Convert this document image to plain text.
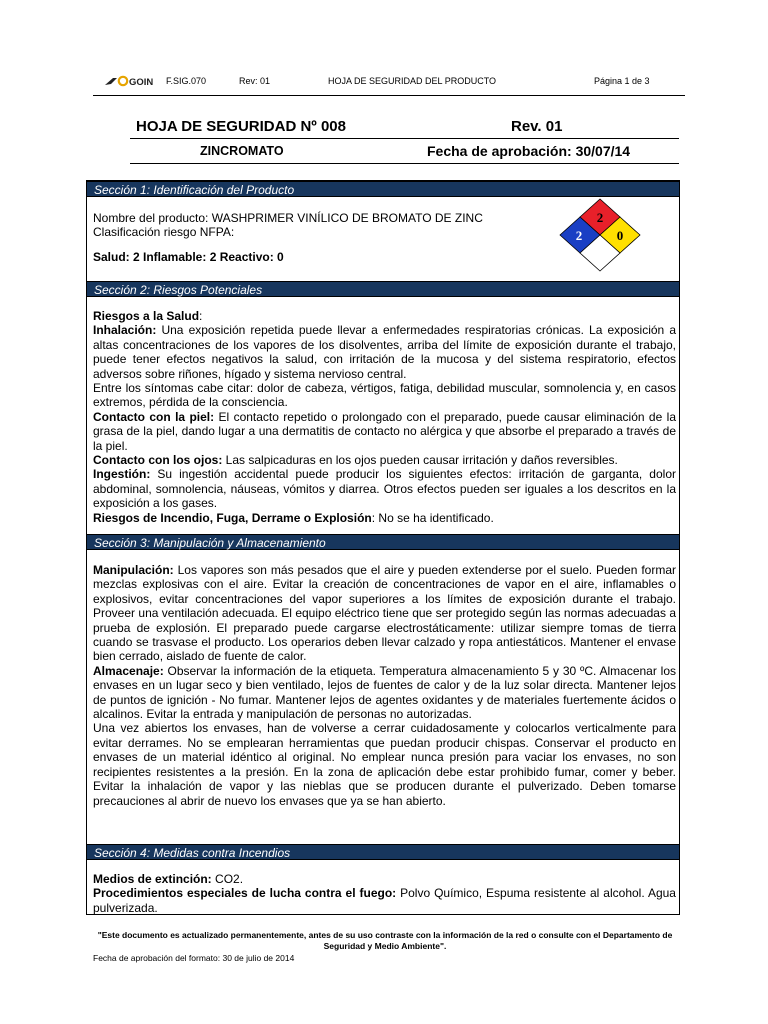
GOIN F.SIG.070	Rev: 01	HOJA DE SEGURIDAD DEL PRODUCTO	Página 1 de 3
HOJA DE SEGURIDAD Nº 008	Rev. 01
ZINCROMATO	Fecha de aprobación: 30/07/14
Sección 1: Identificación del Producto

Nombre del producto: WASHPRIMER VINÍLICO DE BROMATO DE ZINC

Clasificación riesgo NFPA:

Salud: 2 Inflamable: 2 Reactivo: 0

Sección 2: Riesgos Potenciales

Riesgos a la Salud:

Inhalación: Una exposición repetida puede llevar a enfermedades respiratorias crónicas. La exposición a altas concentraciones de los vapores de los disolventes, arriba del límite de exposición durante el trabajo, puede tener efectos negativos la salud, con irritación de la mucosa y del sistema respiratorio, efectos adversos sobre riñones, hígado y sistema nervioso central.

Entre los síntomas cabe citar: dolor de cabeza, vértigos, fatiga, debilidad muscular, somnolencia y, en casos extremos, pérdida de la consciencia.

Contacto con la piel: El contacto repetido o prolongado con el preparado, puede causar eliminación de la grasa de la piel, dando lugar a una dermatitis de contacto no alérgica y que absorbe el preparado a través de la piel.

Contacto con los ojos: Las salpicaduras en los ojos pueden causar irritación y daños reversibles.

Ingestión: Su ingestión accidental puede producir los siguientes efectos: irritación de garganta, dolor abdominal, somnolencia, náuseas, vómitos y diarrea. Otros efectos pueden ser iguales a los descritos en la exposición a los gases.

Riesgos de Incendio, Fuga, Derrame o Explosión: No se ha identificado.

Sección 3: Manipulación y Almacenamiento

Manipulación: Los vapores son más pesados que el aire y pueden extenderse por el suelo. Pueden formar mezclas explosivas con el aire. Evitar la creación de concentraciones de vapor en el aire, inflamables o explosivos, evitar concentraciones del vapor superiores a los límites de exposición durante el trabajo. Proveer una ventilación adecuada. El equipo eléctrico tiene que ser protegido según las normas adecuadas a prueba de explosión. El preparado puede cargarse electrostáticamente: utilizar siempre tomas de tierra cuando se trasvase el producto. Los operarios deben llevar calzado y ropa antiestáticos. Mantener el envase bien cerrado, aislado de fuente de calor.

Almacenaje: Observar la información de la etiqueta. Temperatura almacenamiento 5 y 30 ºC. Almacenar los envases en un lugar seco y bien ventilado, lejos de fuentes de calor y de la luz solar directa. Mantener lejos de puntos de ignición - No fumar. Mantener lejos de agentes oxidantes y de materiales fuertemente ácidos o alcalinos. Evitar la entrada y manipulación de personas no autorizadas.

Una vez abiertos los envases, han de volverse a cerrar cuidadosamente y colocarlos verticalmente para evitar derrames. No se emplearan herramientas que puedan producir chispas. Conservar el producto en envases de un material idéntico al original. No emplear nunca presión para vaciar los envases, no son recipientes resistentes a la presión. En la zona de aplicación debe estar prohibido fumar, comer y beber. Evitar la inhalación de vapor y las nieblas que se producen durante el pulverizado. Deben tomarse precauciones al abrir de nuevo los envases que ya se han abierto.

Sección 4: Medidas contra Incendios

Medios de extinción: CO2.

Procedimientos especiales de lucha contra el fuego: Polvo Químico, Espuma resistente al alcohol. Agua pulverizada.

2
2	0
"Este documento es actualizado permanentemente, antes de su uso contraste con la información de la red o consulte con el Departamento de Seguridad y Medio Ambiente".
Fecha de aprobación del formato: 30 de julio de 2014
